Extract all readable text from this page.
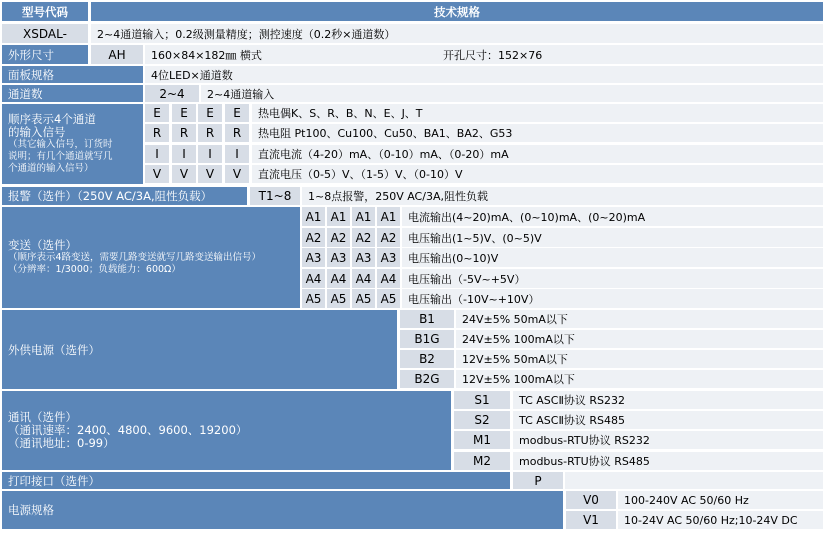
型号代码	技术规格
XSDAL-	2~4通道输入；0.2级测量精度；测控速度（0.2秒×通道数）
外形尺寸	AH	160×84×182㎜ 横式	开孔尺寸：152×76
面板规格	4位LED×通道数
通道数	2~4	2~4通道输入
顺序表示4个通道
的输入信号
（其它输入信号，订货时
说明；有几个通道就写几
个通道的输入信号）
E	E	E	E	热电偶K、S、R、B、N、E、J、T
R	R	R	R	热电阻 Pt100、Cu100、Cu50、BA1、BA2、G53
I	I	I	I	直流电流（4-20）mA、（0-10）mA、（0-20）mA
V	V	V	V	直流电压（0-5）V、（1-5）V、（0-10）V
报警（选件）（250V AC/3A,阻性负载）	T1~8	1~8点报警，250V AC/3A,阻性负载
变送（选件）
（顺序表示4路变送，需要几路变送就写几路变送输出信号）
（分辨率：1/3000；负载能力：600Ω）
A1 A1 A1 A1	电流输出(4~20)mA、(0~10)mA、(0~20)mA
A2 A2 A2 A2	电压输出(1~5)V、(0~5)V
A3 A3 A3 A3	电压输出(0~10)V
A4 A4 A4 A4	电压输出（-5V~+5V）
A5 A5 A5 A5	电压输出（-10V~+10V）
外供电源（选件）
B1	24V±5% 50mA以下
B1G	24V±5% 100mA以下
B2	12V±5% 50mA以下
B2G	12V±5% 100mA以下
通讯（选件）
（通讯速率：2400、4800、9600、19200）
（通讯地址：0-99）
S1	TC ASCⅡ协议 RS232
S2	TC ASCⅡ协议 RS485
M1	modbus-RTU协议 RS232
M2	modbus-RTU协议 RS485
打印接口（选件）	P
电源规格
V0	100-240V AC 50/60 Hz
V1	10-24V AC 50/60 Hz;10-24V DC
